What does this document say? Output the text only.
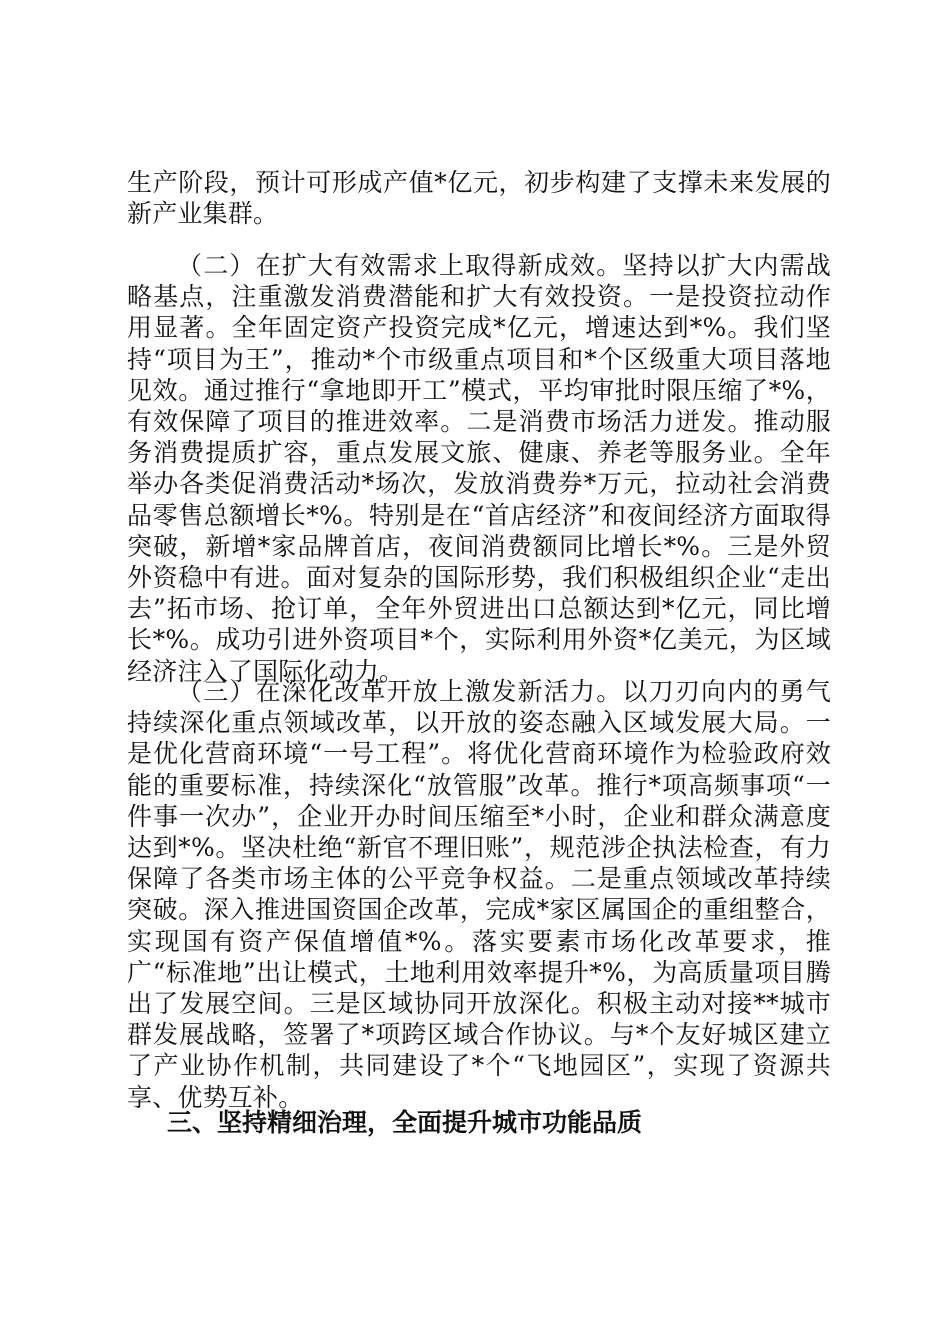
生产阶段，预计可形成产值*亿元，初步构建了支撑未来发展的新产业集群。

（二）在扩大有效需求上取得新成效。坚持以扩大内需战略基点，注重激发消费潜能和扩大有效投资。一是投资拉动作用显著。全年固定资产投资完成*亿元，增速达到*%。我们坚持“项目为王”，推动*个市级重点项目和*个区级重大项目落地见效。通过推行“拿地即开工”模式，平均审批时限压缩了*%，有效保障了项目的推进效率。二是消费市场活力迸发。推动服务消费提质扩容，重点发展文旅、健康、养老等服务业。全年举办各类促消费活动*场次，发放消费券*万元，拉动社会消费品零售总额增长*%。特别是在“首店经济”和夜间经济方面取得突破，新增*家品牌首店，夜间消费额同比增长*%。三是外贸外资稳中有进。面对复杂的国际形势，我们积极组织企业“走出去”拓市场、抢订单，全年外贸进出口总额达到*亿元，同比增长*%。成功引进外资项目*个，实际利用外资*亿美元，为区域经济注入了国际化动力。

（三）在深化改革开放上激发新活力。以刀刃向内的勇气持续深化重点领域改革，以开放的姿态融入区域发展大局。一是优化营商环境“一号工程”。将优化营商环境作为检验政府效能的重要标准，持续深化“放管服”改革。推行*项高频事项“一件事一次办”，企业开办时间压缩至*小时，企业和群众满意度达到*%。坚决杜绝“新官不理旧账”，规范涉企执法检查，有力保障了各类市场主体的公平竞争权益。二是重点领域改革持续突破。深入推进国资国企改革，完成*家区属国企的重组整合，实现国有资产保值增值*%。落实要素市场化改革要求，推广“标准地”出让模式，土地利用效率提升*%，为高质量项目腾出了发展空间。三是区域协同开放深化。积极主动对接**城市群发展战略，签署了*项跨区域合作协议。与*个友好城区建立了产业协作机制，共同建设了*个“飞地园区”，实现了资源共享、优势互补。

三、坚持精细治理，全面提升城市功能品质
